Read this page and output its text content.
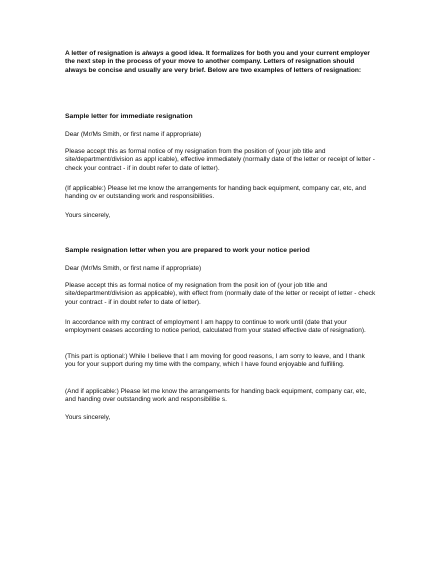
A letter of resignation is always a good idea. It formalizes for both you and your current employer the next step in the process of your move to another company. Letters of resignation should always be concise and usually are very brief. Below are two examples of letters of resignation:

Sample letter for immediate resignation

Dear (Mr/Ms Smith, or first name if appropriate)

Please accept this as formal notice of my resignation from the position of (your job title and site/department/division as appl icable), effective immediately (normally date of the letter or receipt of letter - check your contract - if in doubt refer to date of letter).

(If applicable:) Please let me know the arrangements for handing back equipment, company car, etc, and handing ov er outstanding work and responsibilities.

Yours sincerely,

Sample resignation letter when you are prepared to work your notice period

Dear (Mr/Ms Smith, or first name if appropriate)

Please accept this as formal notice of my resignation from the posit ion of (your job title and site/department/division as applicable), with effect from (normally date of the letter or receipt of letter - check your contract - if in doubt refer to date of letter).

In accordance with my contract of employment I am happy to continue to work until (date that your employment ceases according to notice period, calculated from your stated effective date of resignation).

(This part is optional:) While I believe that I am moving for good reasons, I am sorry to leave, and I thank you for your support during my time with the company, which I have found enjoyable and fulfilling.

(And if applicable:) Please let me know the arrangements for handing back equipment, company car, etc, and handing over outstanding work and responsibilitie s.

Yours sincerely,
